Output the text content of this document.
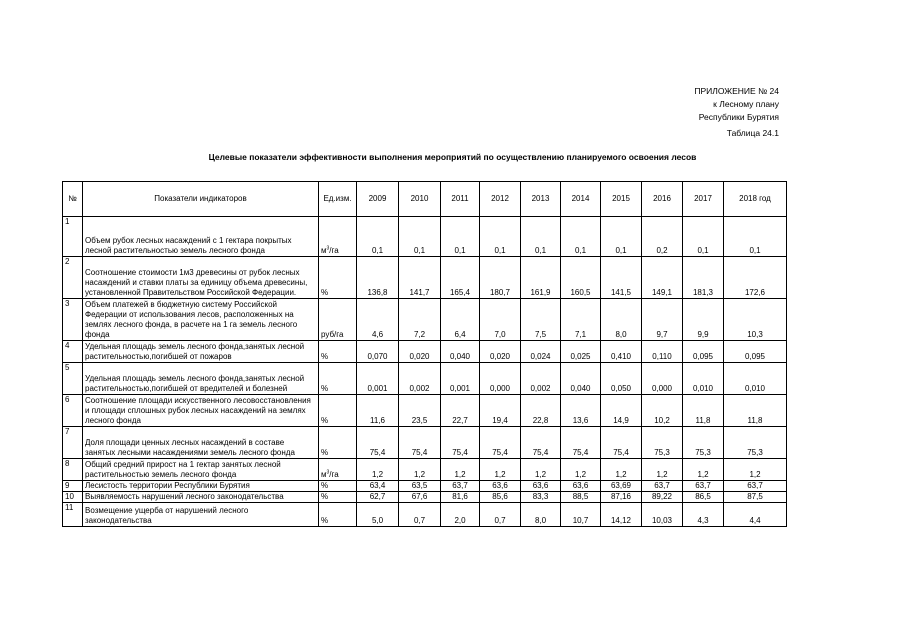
ПРИЛОЖЕНИЕ № 24
к Лесному плану
Республики Бурятия
Таблица 24.1
Целевые показатели эффективности выполнения мероприятий по осуществлению планируемого освоения лесов
№	Показатели индикаторов	Ед.изм.	2009	2010	2011	2012	2013	2014	2015	2016	2017	2018 год
1	Объем рубок лесных насаждений с 1 гектара покрытых лесной растительностью земель лесного фонда	$м^3/га$	0,1	0,1	0,1	0,1	0,1	0,1	0,1	0,2	0,1	0,1
2	Соотношение стоимости 1м3 древесины от рубок лесных насаждений и ставки платы за единицу объема древесины, установленной Правительством Российской Федерации.	%	136,8	141,7	165,4	180,7	161,9	160,5	141,5	149,1	181,3	172,6
3	Объем платежей в бюджетную систему Российской Федерации от использования лесов, расположенных на землях лесного фонда, в расчете на 1 га земель лесного фонда	руб/га	4,6	7,2	6,4	7,0	7,5	7,1	8,0	9,7	9,9	10,3
4	Удельная площадь земель лесного фонда,занятых лесной растительностью,погибшей от пожаров	%	0,070	0,020	0,040	0,020	0,024	0,025	0,410	0,110	0,095	0,095
5	Удельная площадь земель лесного фонда,занятых лесной растительностью,погибшей от вредителей и болезней	%	0,001	0,002	0,001	0,000	0,002	0,040	0,050	0,000	0,010	0,010
6	Соотношение площади искусственного лесовосстановления и площади сплошных рубок лесных насаждений на землях лесного фонда	%	11,6	23,5	22,7	19,4	22,8	13,6	14,9	10,2	11,8	11,8
7	Доля площади ценных лесных насаждений в составе занятых лесными насаждениями земель лесного фонда	%	75,4	75,4	75,4	75,4	75,4	75,4	75,4	75,3	75,3	75,3
8	Общий средний прирост на 1 гектар занятых лесной растительностью земель лесного фонда	$м^3/га$	1,2	1,2	1,2	1,2	1,2	1,2	1,2	1,2	1,2	1,2
9	Лесистость территории Республики Бурятия	%	63,4	63,5	63,7	63,6	63,6	63,6	63,69	63,7	63,7	63,7
10	Выявляемость нарушений лесного законодательства	%	62,7	67,6	81,6	85,6	83,3	88,5	87,16	89,22	86,5	87,5
11	Возмещение ущерба от нарушений лесного законодательства	%	5,0	0,7	2,0	0,7	8,0	10,7	14,12	10,03	4,3	4,4
